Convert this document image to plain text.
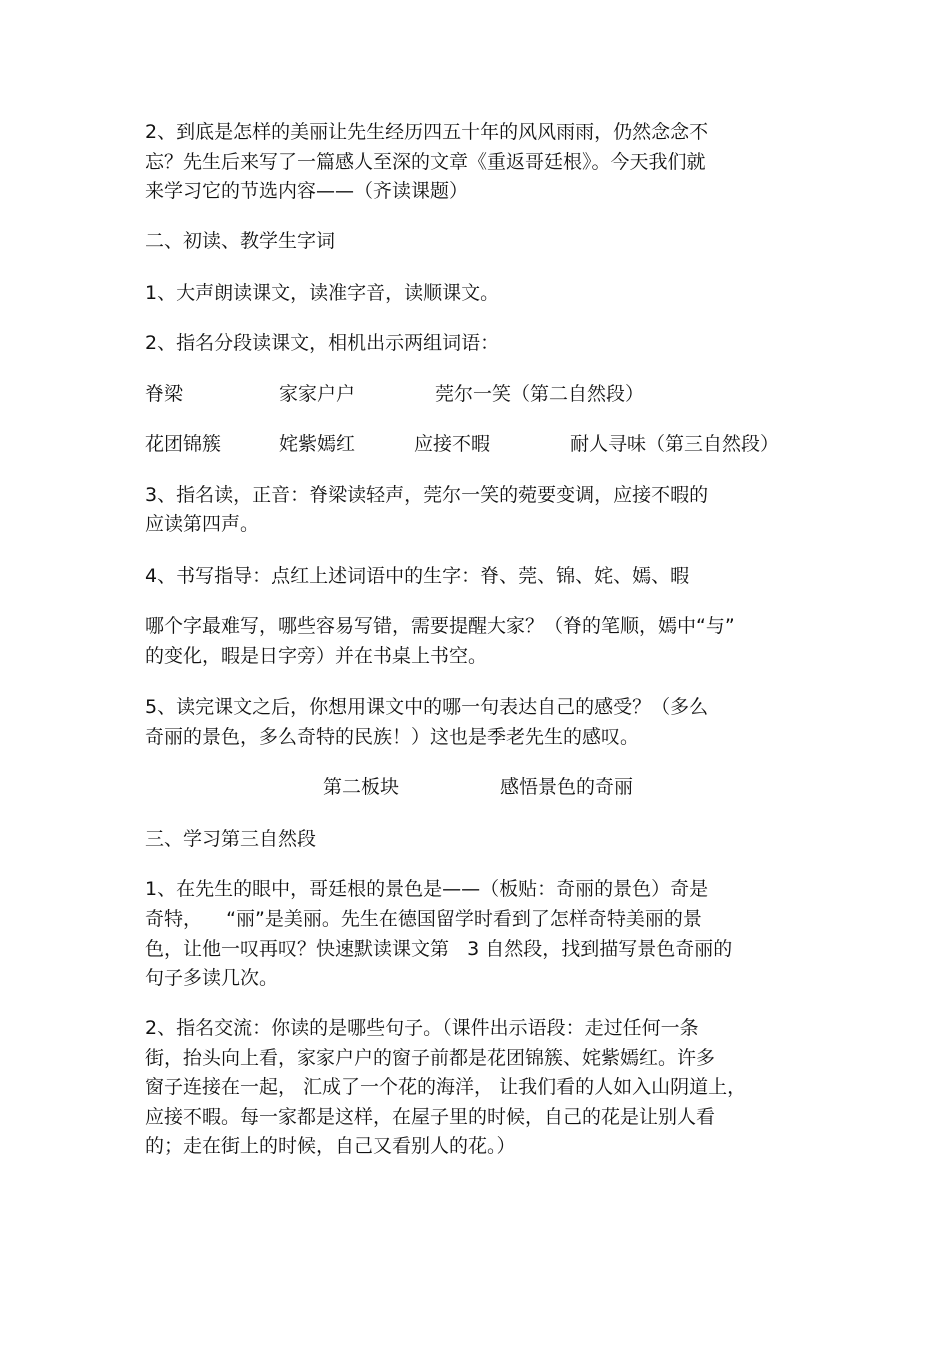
2、到底是怎样的美丽让先生经历四五十年的风风雨雨，仍然念念不

忘？先生后来写了一篇感人至深的文章《重返哥廷根》。今天我们就

来学习它的节选内容——（齐读课题）

二、初读、教学生字词

1、大声朗读课文，读准字音，读顺课文。

2、指名分段读课文，相机出示两组词语：

脊梁	家家户户	莞尔一笑（第二自然段）
花团锦簇	姹紫嫣红	应接不暇	耐人寻味（第三自然段）

3、指名读，正音：脊梁读轻声，莞尔一笑的菀要变调，应接不暇的

应读第四声。

4、书写指导：点红上述词语中的生字：脊、莞、锦、姹、嫣、暇

哪个字最难写，哪些容易写错，需要提醒大家？（脊的笔顺，嫣中“与”

的变化，暇是日字旁）并在书桌上书空。

5、读完课文之后，你想用课文中的哪一句表达自己的感受？（多么

奇丽的景色，多么奇特的民族！）这也是季老先生的感叹。

第二板块	感悟景色的奇丽

三、学习第三自然段

1、在先生的眼中，哥廷根的景色是——（板贴：奇丽的景色）奇是

奇特，    “丽”是美丽。先生在德国留学时看到了怎样奇特美丽的景

色，让他一叹再叹？快速默读课文第   3 自然段，找到描写景色奇丽的

句子多读几次。

2、指名交流：你读的是哪些句子。（课件出示语段：走过任何一条

街，抬头向上看，家家户户的窗子前都是花团锦簇、姹紫嫣红。许多

窗子连接在一起， 汇成了一个花的海洋， 让我们看的人如入山阴道上，

应接不暇。每一家都是这样，在屋子里的时候，自己的花是让别人看

的；走在街上的时候，自己又看别人的花。）
